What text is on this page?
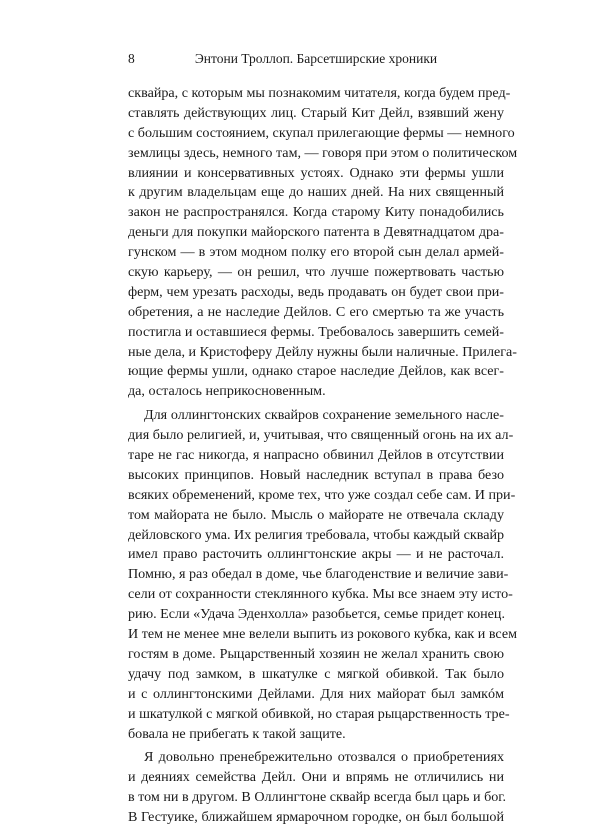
8	Энтони Троллоп. Барсетширские хроники
сквайра, с которым мы познакомим читателя, когда будем пред-
ставлять действующих лиц. Старый Кит Дейл, взявший жену
с большим состоянием, скупал прилегающие фермы — немного
землицы здесь, немного там, — говоря при этом о политическом
влиянии и консервативных устоях. Однако эти фермы ушли
к другим владельцам еще до наших дней. На них священный
закон не распространялся. Когда старому Киту понадобились
деньги для покупки майорского патента в Девятнадцатом дра-
гунском — в этом модном полку его второй сын делал армей-
скую карьеру, — он решил, что лучше пожертвовать частью
ферм, чем урезать расходы, ведь продавать он будет свои при-
обретения, а не наследие Дейлов. С его смертью та же участь
постигла и оставшиеся фермы. Требовалось завершить семей-
ные дела, и Кристоферу Дейлу нужны были наличные. Прилега-
ющие фермы ушли, однако старое наследие Дейлов, как всег-
да, осталось неприкосновенным.
Для оллингтонских сквайров сохранение земельного насле-
дия было религией, и, учитывая, что священный огонь на их ал-
таре не гас никогда, я напрасно обвинил Дейлов в отсутствии
высоких принципов. Новый наследник вступал в права безо
всяких обременений, кроме тех, что уже создал себе сам. И при-
том майората не было. Мысль о майорате не отвечала складу
дейловского ума. Их религия требовала, чтобы каждый сквайр
имел право расточить оллингтонские акры — и не расточал.
Помню, я раз обедал в доме, чье благоденствие и величие зави-
сели от сохранности стеклянного кубка. Мы все знаем эту исто-
рию. Если «Удача Эденхолла» разобьется, семье придет конец.
И тем не менее мне велели выпить из рокового кубка, как и всем
гостям в доме. Рыцарственный хозяин не желал хранить свою
удачу под замком, в шкатулке с мягкой обивкой. Так было
и с оллингтонскими Дейлами. Для них майорат был замкóм
и шкатулкой с мягкой обивкой, но старая рыцарственность тре-
бовала не прибегать к такой защите.
Я довольно пренебрежительно отозвался о приобретениях
и деяниях семейства Дейл. Они и впрямь не отличились ни
в том ни в другом. В Оллингтоне сквайр всегда был царь и бог.
В Гестуике, ближайшем ярмарочном городке, он был большой
